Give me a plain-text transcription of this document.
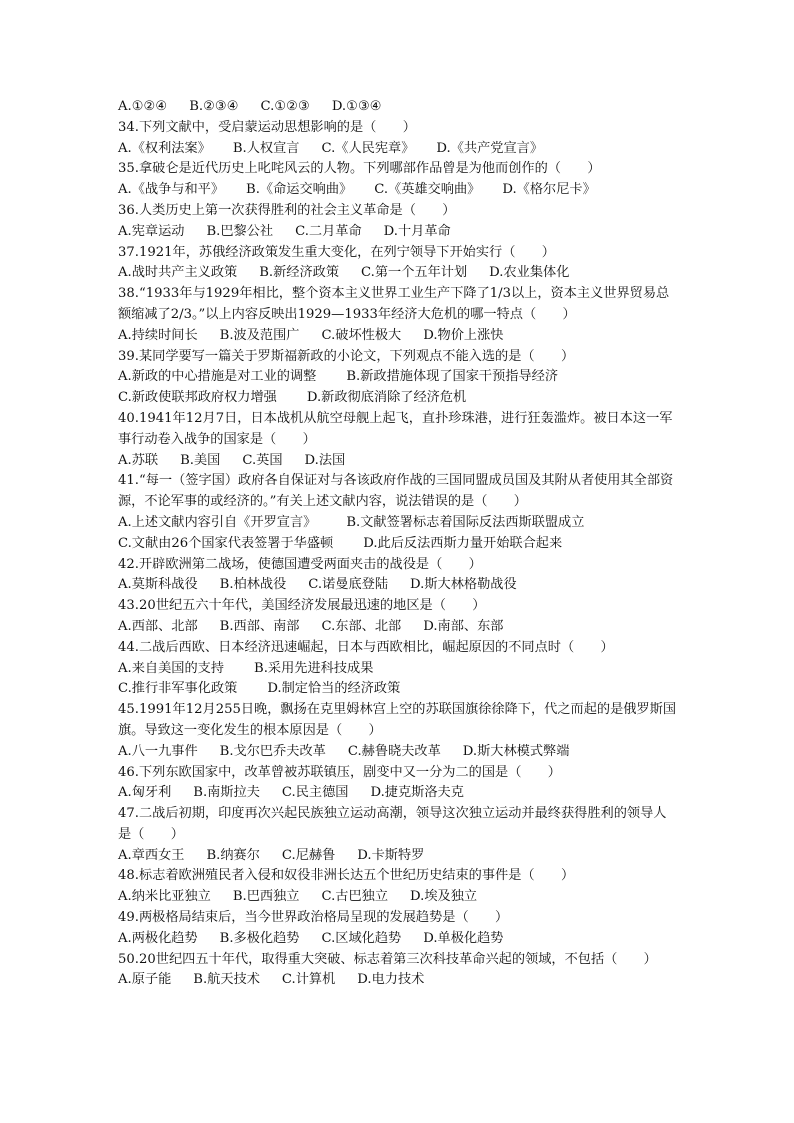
A.①②④ B.②③④ C.①②③ D.①③④
34.下列文献中，受启蒙运动思想影响的是（　　）
A.《权利法案》 B.人权宣言 C.《人民宪章》 D.《共产党宣言》
35.拿破仑是近代历史上叱咤风云的人物。下列哪部作品曾是为他而创作的（　　）
A.《战争与和平》 B.《命运交响曲》 C.《英雄交响曲》 D.《格尔尼卡》
36.人类历史上第一次获得胜利的社会主义革命是（　　）
A.宪章运动 B.巴黎公社 C.二月革命 D.十月革命
37.1921年，苏俄经济政策发生重大变化，在列宁领导下开始实行（　　）
A.战时共产主义政策 B.新经济政策 C.第一个五年计划 D.农业集体化
38.“1933年与1929年相比，整个资本主义世界工业生产下降了1/3以上，资本主义世界贸易总额缩减了2/3。”以上内容反映出1929—1933年经济大危机的哪一特点（　　）
A.持续时间长 B.波及范围广 C.破坏性极大 D.物价上涨快
39.某同学要写一篇关于罗斯福新政的小论文，下列观点不能入选的是（　　）
A.新政的中心措施是对工业的调整 B.新政措施体现了国家干预指导经济
C.新政使联邦政府权力增强 D.新政彻底消除了经济危机
40.1941年12月7日，日本战机从航空母舰上起飞，直扑珍珠港，进行狂轰滥炸。被日本这一军事行动卷入战争的国家是（　　）
A.苏联 B.美国 C.英国 D.法国
41.“每一（签字国）政府各自保证对与各该政府作战的三国同盟成员国及其附从者使用其全部资源，不论军事的或经济的。”有关上述文献内容，说法错误的是（　　）
A.上述文献内容引自《开罗宣言》 B.文献签署标志着国际反法西斯联盟成立
C.文献由26个国家代表签署于华盛顿 D.此后反法西斯力量开始联合起来
42.开辟欧洲第二战场，使德国遭受两面夹击的战役是（　　）
A.莫斯科战役 B.柏林战役 C.诺曼底登陆 D.斯大林格勒战役
43.20世纪五六十年代，美国经济发展最迅速的地区是（　　）
A.西部、北部 B.西部、南部 C.东部、北部 D.南部、东部
44.二战后西欧、日本经济迅速崛起，日本与西欧相比，崛起原因的不同点时（　　）
A.来自美国的支持 B.采用先进科技成果
C.推行非军事化政策 D.制定恰当的经济政策
45.1991年12月255日晚，飘扬在克里姆林宫上空的苏联国旗徐徐降下，代之而起的是俄罗斯国旗。导致这一变化发生的根本原因是（　　）
A.八一九事件 B.戈尔巴乔夫改革 C.赫鲁晓夫改革 D.斯大林模式弊端
46.下列东欧国家中，改革曾被苏联镇压，剧变中又一分为二的国是（　　）
A.匈牙利 B.南斯拉夫 C.民主德国 D.捷克斯洛夫克
47.二战后初期，印度再次兴起民族独立运动高潮，领导这次独立运动并最终获得胜利的领导人是（　　）
A.章西女王 B.纳赛尔 C.尼赫鲁 D.卡斯特罗
48.标志着欧洲殖民者入侵和奴役非洲长达五个世纪历史结束的事件是（　　）
A.纳米比亚独立 B.巴西独立 C.古巴独立 D.埃及独立
49.两极格局结束后，当今世界政治格局呈现的发展趋势是（　　）
A.两极化趋势 B.多极化趋势 C.区域化趋势 D.单极化趋势
50.20世纪四五十年代，取得重大突破、标志着第三次科技革命兴起的领域，不包括（　　）
A.原子能 B.航天技术 C.计算机 D.电力技术
